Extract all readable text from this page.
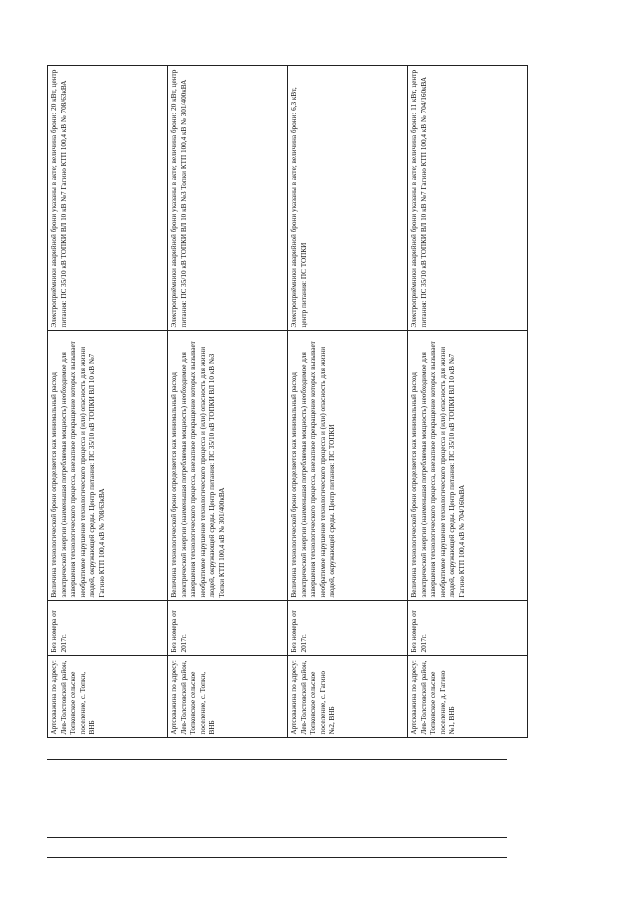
	Артскважина по адресу: Лев-Толстовский район, Топковское сельское поселение, с. Топки, ВНБ	Без номера от 2017г.	Величина технологической брони определяется как минимальный расход электрической энергии (наименьшая потребляемая мощность) необходимое для завершения технологического процесса, внезапное прекращение которых вызывает необратимое нарушение технологического процесса и (или) опасность для жизни людей, окружающей среды. Центр питания: ПС 35/10 кВ ТОПКИ ВЛ 10 кВ №7 Гагино КТП 100,4 кВ № 708/63кВА	Электроприёмники аварийной брони указаны в акте; величина брони: 20 кВт, центр питания: ПС 35/10 кВ ТОПКИ ВЛ 10 кВ №7 Гагино КТП 100,4 кВ № 708/63кВА
	Артскважина по адресу: Лев-Толстовский район, Топковское сельское поселение, с. Топки, ВНБ	Без номера от 2017г.	Величина технологической брони определяется как минимальный расход электрической энергии (наименьшая потребляемая мощность) необходимое для завершения технологического процесса, внезапное прекращение которых вызывает необратимое нарушение технологического процесса и (или) опасность для жизни людей, окружающей среды. Центр питания: ПС 35/10 кВ ТОПКИ ВЛ 10 кВ №3 Топки КТП 100,4 кВ № 301/400кВА	Электроприёмники аварийной брони указаны в акте; величина брони: 20 кВт, центр питания: ПС 35/10 кВ ТОПКИ ВЛ 10 кВ №3 Топки КТП 100,4 кВ № 301/400кВА
	Артскважина по адресу: Лев-Толстовский район, Топковское сельское поселение, с. Гагино №2, ВНБ	Без номера от 2017г.	Величина технологической брони определяется как минимальный расход электрической энергии (наименьшая потребляемая мощность) необходимое для завершения технологического процесса, внезапное прекращение которых вызывает необратимое нарушение технологического процесса и (или) опасность для жизни людей, окружающей среды. Центр питания: ПС ТОПКИ	Электроприёмники аварийной брони указаны в акте; величина брони: 6,3 кВт, центр питания: ПС ТОПКИ
	Артскважина по адресу: Лев-Толстовский район, Топковское сельское поселение, д. Гагино №1, ВНБ	Без номера от 2017г.	Величина технологической брони определяется как минимальный расход электрической энергии (наименьшая потребляемая мощность) необходимое для завершения технологического процесса, внезапное прекращение которых вызывает необратимое нарушение технологического процесса и (или) опасность для жизни людей, окружающей среды. Центр питания: ПС 35/10 кВ ТОПКИ ВЛ 10 кВ №7 Гагино КТП 100,4 кВ № 704/160кВА	Электроприёмники аварийной брони указаны в акте; величина брони: 11 кВт, центр питания: ПС 35/10 кВ ТОПКИ ВЛ 10 кВ №7 Гагино КТП 100,4 кВ № 704/160кВА
